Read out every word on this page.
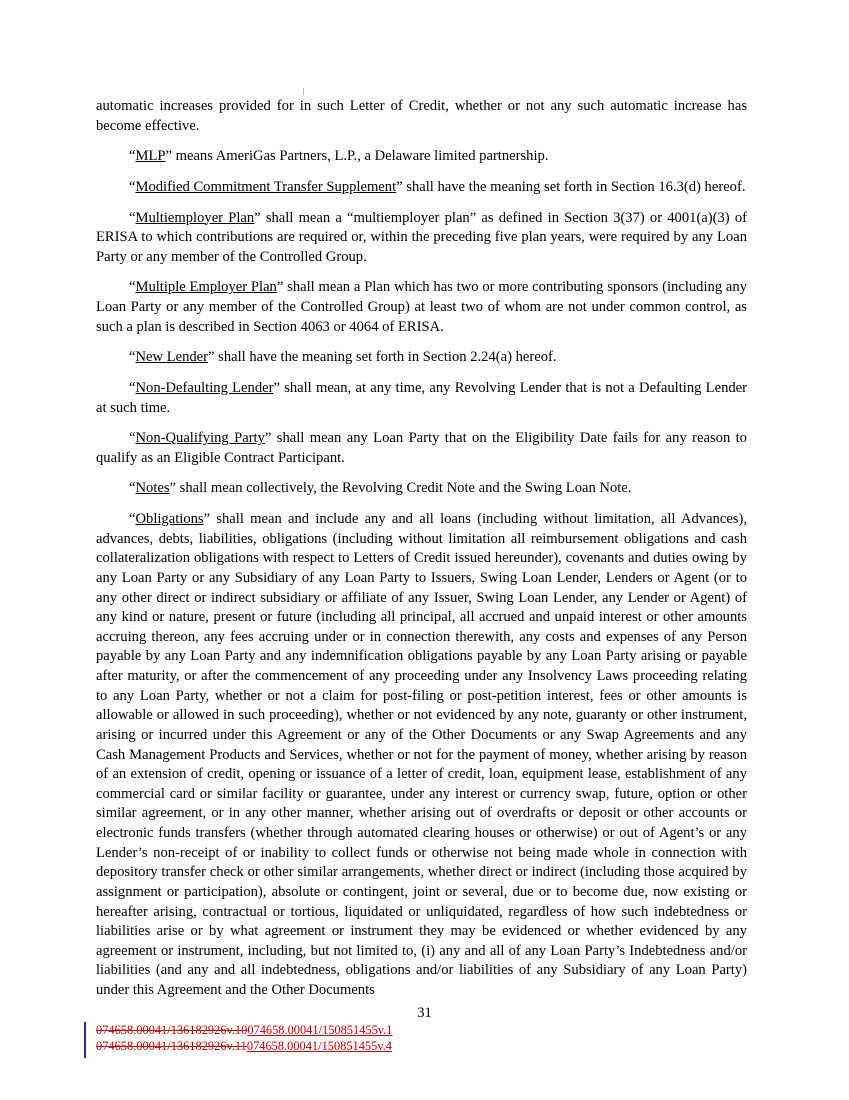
automatic increases provided for in such Letter of Credit, whether or not any such automatic increase has become effective.

“MLP” means AmeriGas Partners, L.P., a Delaware limited partnership.

“Modified Commitment Transfer Supplement” shall have the meaning set forth in Section 16.3(d) hereof.

“Multiemployer Plan” shall mean a “multiemployer plan” as defined in Section 3(37) or 4001(a)(3) of ERISA to which contributions are required or, within the preceding five plan years, were required by any Loan Party or any member of the Controlled Group.

“Multiple Employer Plan” shall mean a Plan which has two or more contributing sponsors (including any Loan Party or any member of the Controlled Group) at least two of whom are not under common control, as such a plan is described in Section 4063 or 4064 of ERISA.

“New Lender” shall have the meaning set forth in Section 2.24(a) hereof.

“Non-Defaulting Lender” shall mean, at any time, any Revolving Lender that is not a Defaulting Lender at such time.

“Non-Qualifying Party” shall mean any Loan Party that on the Eligibility Date fails for any reason to qualify as an Eligible Contract Participant.

“Notes” shall mean collectively, the Revolving Credit Note and the Swing Loan Note.

“Obligations” shall mean and include any and all loans (including without limitation, all Advances), advances, debts, liabilities, obligations (including without limitation all reimbursement obligations and cash collateralization obligations with respect to Letters of Credit issued hereunder), covenants and duties owing by any Loan Party or any Subsidiary of any Loan Party to Issuers, Swing Loan Lender, Lenders or Agent (or to any other direct or indirect subsidiary or affiliate of any Issuer, Swing Loan Lender, any Lender or Agent) of any kind or nature, present or future (including all principal, all accrued and unpaid interest or other amounts accruing thereon, any fees accruing under or in connection therewith, any costs and expenses of any Person payable by any Loan Party and any indemnification obligations payable by any Loan Party arising or payable after maturity, or after the commencement of any proceeding under any Insolvency Laws proceeding relating to any Loan Party, whether or not a claim for post-filing or post-petition interest, fees or other amounts is allowable or allowed in such proceeding), whether or not evidenced by any note, guaranty or other instrument, arising or incurred under this Agreement or any of the Other Documents or any Swap Agreements and any Cash Management Products and Services, whether or not for the payment of money, whether arising by reason of an extension of credit, opening or issuance of a letter of credit, loan, equipment lease, establishment of any commercial card or similar facility or guarantee, under any interest or currency swap, future, option or other similar agreement, or in any other manner, whether arising out of overdrafts or deposit or other accounts or electronic funds transfers (whether through automated clearing houses or otherwise) or out of Agent’s or any Lender’s non-receipt of or inability to collect funds or otherwise not being made whole in connection with depository transfer check or other similar arrangements, whether direct or indirect (including those acquired by assignment or participation), absolute or contingent, joint or several, due or to become due, now existing or hereafter arising, contractual or tortious, liquidated or unliquidated, regardless of how such indebtedness or liabilities arise or by what agreement or instrument they may be evidenced or whether evidenced by any agreement or instrument, including, but not limited to, (i) any and all of any Loan Party’s Indebtedness and/or liabilities (and any and all indebtedness, obligations and/or liabilities of any Subsidiary of any Loan Party) under this Agreement and the Other Documents

31
074658.00041/136182926v.10074658.00041/150851455v.1
074658.00041/136182926v.11074658.00041/150851455v.4
